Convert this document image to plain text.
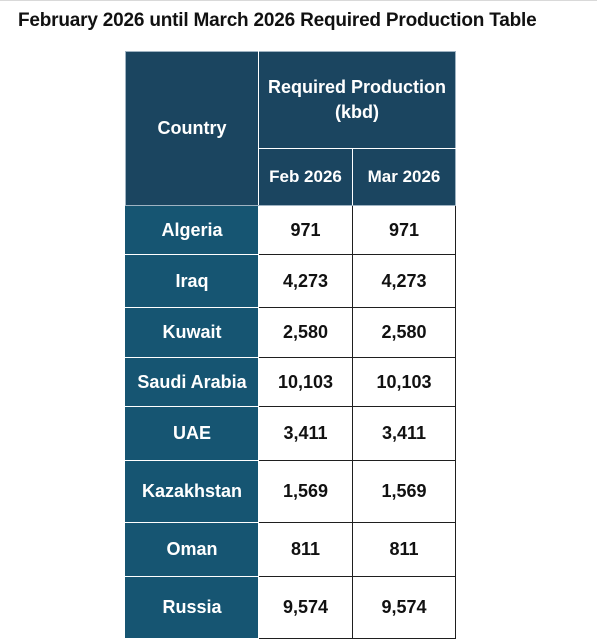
February 2026 until March 2026 Required Production Table
Country	Required Production (kbd)	
	Feb 2026	Mar 2026
Algeria	971	971
Iraq	4,273	4,273
Kuwait	2,580	2,580
Saudi Arabia	10,103	10,103
UAE	3,411	3,411
Kazakhstan	1,569	1,569
Oman	811	811
Russia	9,574	9,574
